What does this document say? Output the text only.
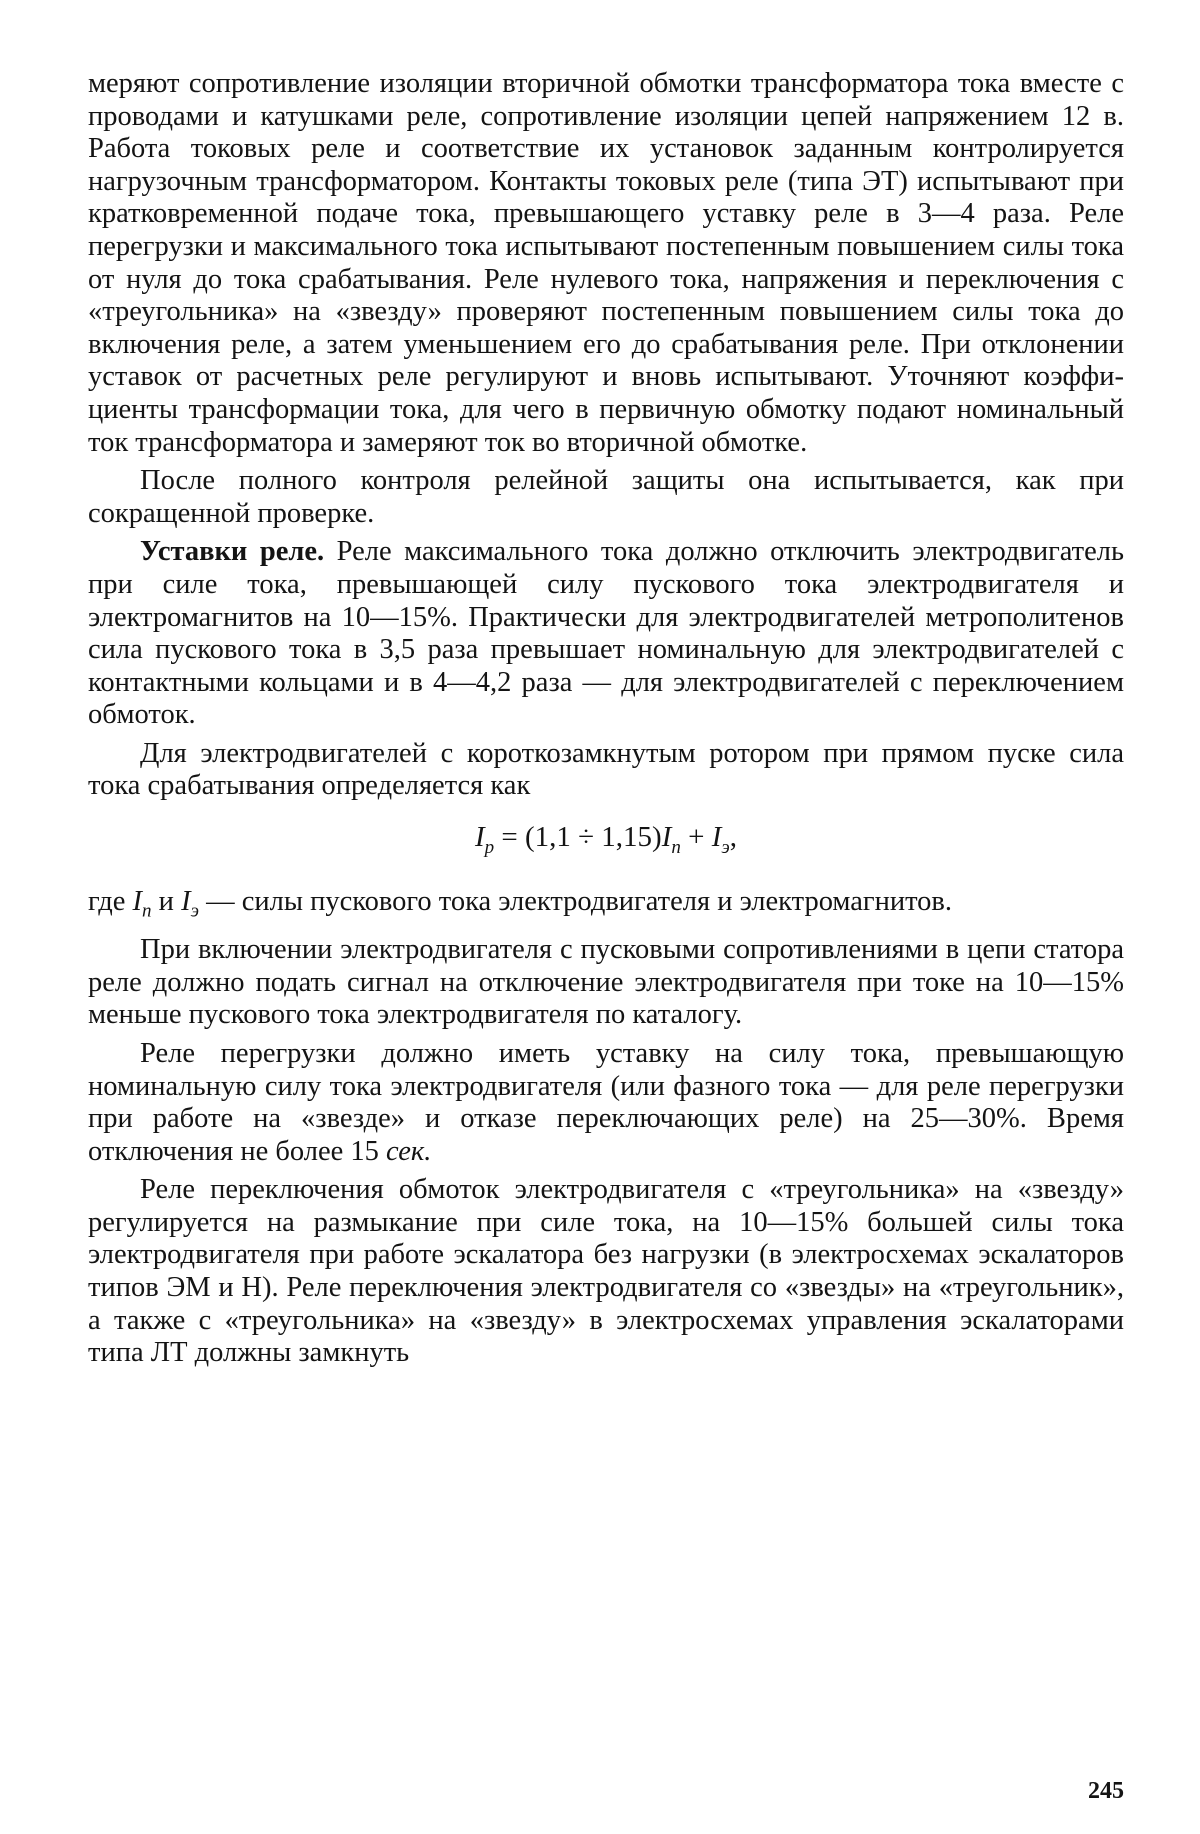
меряют сопротивление изоляции вторичной обмотки трансформатора тока вместе с проводами и катушками реле, сопротивление изоляции цепей напряжением 12 в. Работа токовых реле и соответствие их установок заданным контролируется нагрузочным трансформатором. Контакты токовых реле (типа ЭТ) испытывают при кратковременной подаче тока, превышающего уставку реле в 3—4 раза. Реле перегрузки и максимального тока испытывают постепенным повышением силы тока от нуля до тока срабатывания. Реле нулевого тока, напряжения и переключения с «треугольника» на «звезду» проверяют постепенным повышением силы тока до включения реле, а затем уменьшением его до срабатывания реле. При отклонении уставок от расчетных реле регулируют и вновь испытывают. Уточняют коэффициенты трансформации тока, для чего в первичную обмотку подают номинальный ток трансформатора и замеряют ток во вторичной обмотке.

После полного контроля релейной защиты она испытывается, как при сокращенной проверке.

Уставки реле. Реле максимального тока должно отключить электродвигатель при силе тока, превышающей силу пускового тока электродвигателя и электромагнитов на 10—15%. Практически для электродвигателей метрополитенов сила пускового тока в 3,5 раза превышает номинальную для электродвигателей с контактными кольцами и в 4—4,2 раза — для электродвигателей с переключением обмоток.

Для электродвигателей с короткозамкнутым ротором при прямом пуске сила тока срабатывания определяется как

$I_р = (1,1 \div 1,15)I_п + I_э$,

где $I_п$ и $I_э$ — силы пускового тока электродвигателя и электромагнитов.

При включении электродвигателя с пусковыми сопротивлениями в цепи статора реле должно подать сигнал на отключение электродвигателя при токе на 10—15% меньше пускового тока электродвигателя по каталогу.

Реле перегрузки должно иметь уставку на силу тока, превышающую номинальную силу тока электродвигателя (или фазного тока — для реле перегрузки при работе на «звезде» и отказе переключающих реле) на 25—30%. Время отключения не более 15 сек.

Реле переключения обмоток электродвигателя с «треугольника» на «звезду» регулируется на размыкание при силе тока, на 10—15% большей силы тока электродвигателя при работе эскалатора без нагрузки (в электросхемах эскалаторов типов ЭМ и Н). Реле переключения электродвигателя со «звезды» на «треугольник», а также с «треугольника» на «звезду» в электросхемах управления эскалаторами типа ЛТ должны замкнуть

245
